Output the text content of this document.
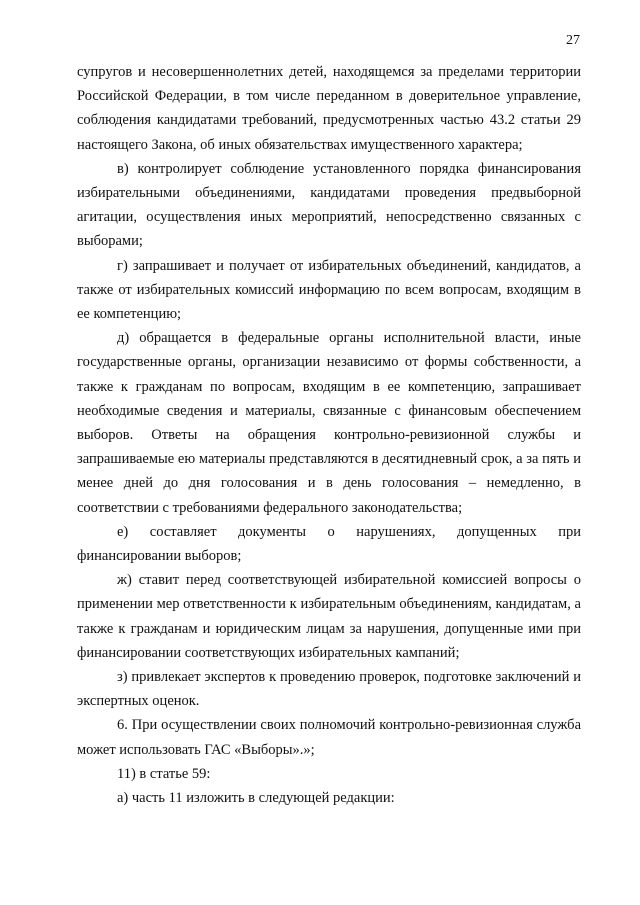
27

супругов и несовершеннолетних детей, находящемся за пределами территории Российской Федерации, в том числе переданном в доверительное управление, соблюдения кандидатами требований, предусмотренных частью 43.2 статьи 29 настоящего Закона, об иных обязательствах имущественного характера;

в) контролирует соблюдение установленного порядка финансирования избирательными объединениями, кандидатами проведения предвыборной агитации, осуществления иных мероприятий, непосредственно связанных с выборами;

г) запрашивает и получает от избирательных объединений, кандидатов, а также от избирательных комиссий информацию по всем вопросам, входящим в ее компетенцию;

д) обращается в федеральные органы исполнительной власти, иные государственные органы, организации независимо от формы собственности, а также к гражданам по вопросам, входящим в ее компетенцию, запрашивает необходимые сведения и материалы, связанные с финансовым обеспечением выборов. Ответы на обращения контрольно-ревизионной службы и запрашиваемые ею материалы представляются в десятидневный срок, а за пять и менее дней до дня голосования и в день голосования – немедленно, в соответствии с требованиями федерального законодательства;

е) составляет документы о нарушениях, допущенных при финансировании выборов;

ж) ставит перед соответствующей избирательной комиссией вопросы о применении мер ответственности к избирательным объединениям, кандидатам, а также к гражданам и юридическим лицам за нарушения, допущенные ими при финансировании соответствующих избирательных кампаний;

з) привлекает экспертов к проведению проверок, подготовке заключений и экспертных оценок.

6. При осуществлении своих полномочий контрольно-ревизионная служба может использовать ГАС «Выборы».»;

11) в статье 59:

а) часть 11 изложить в следующей редакции:
